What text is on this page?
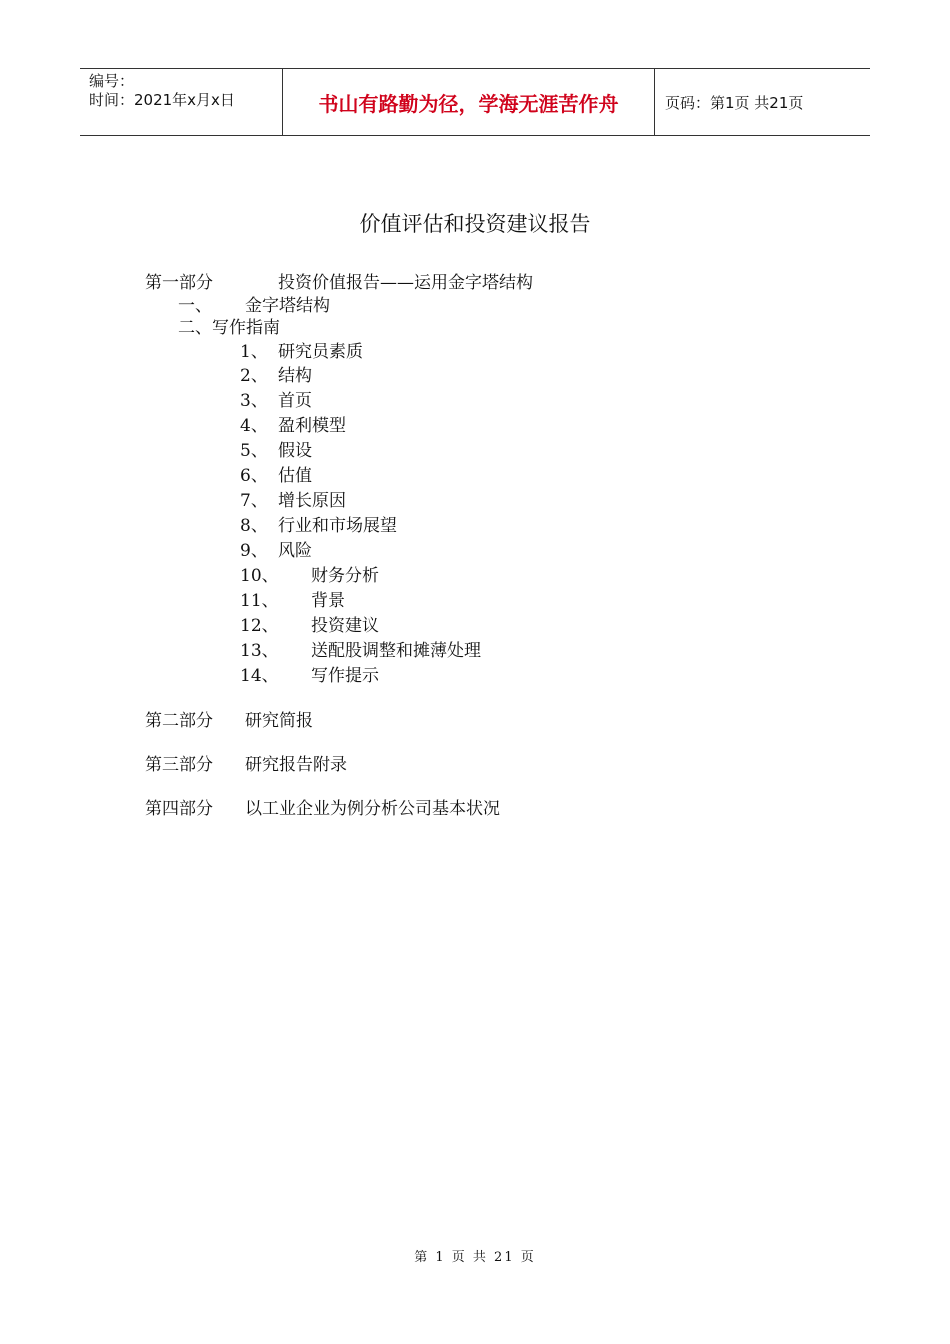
编号：
时间：2021年x月x日	书山有路勤为径，学海无涯苦作舟	页码：第1页 共21页
价值评估和投资建议报告
第一部分	投资价值报告——运用金字塔结构
一、 金字塔结构
二、写作指南
1、 研究员素质
2、 结构
3、 首页
4、 盈利模型
5、 假设
6、 估值
7、 增长原因
8、 行业和市场展望
9、 风险
10、 财务分析
11、 背景
12、 投资建议
13、 送配股调整和摊薄处理
14、 写作提示
第二部分 研究简报
第三部分 研究报告附录
第四部分 以工业企业为例分析公司基本状况
第 1 页 共 21 页
